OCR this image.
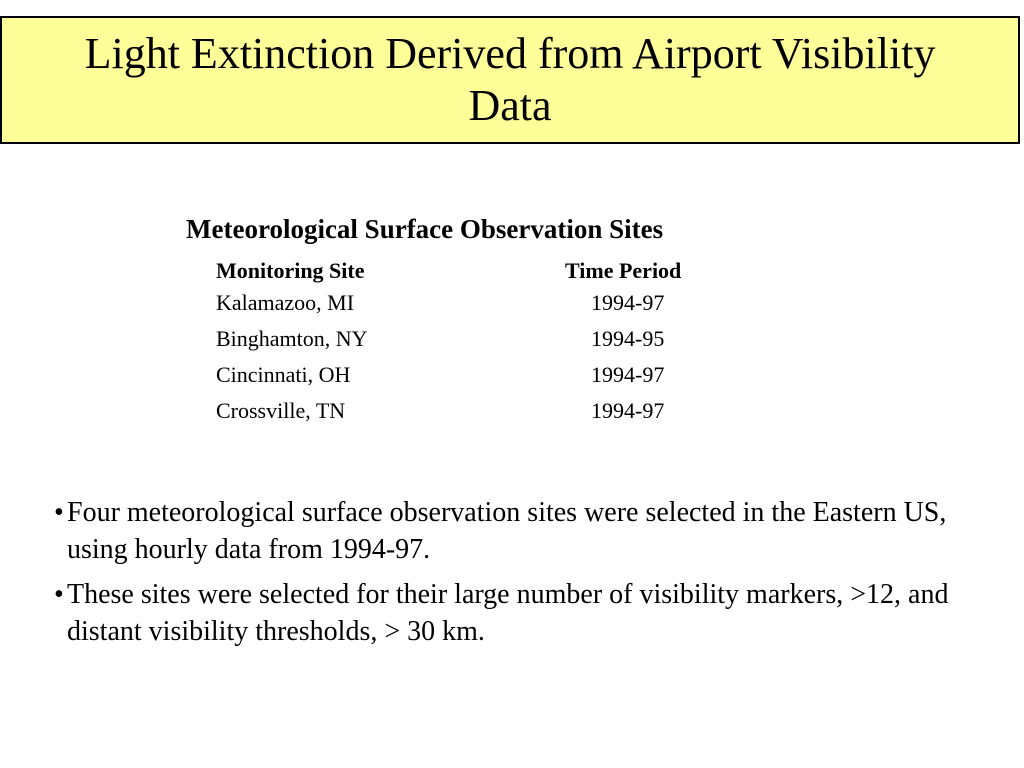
Light Extinction Derived from Airport Visibility Data
Meteorological Surface Observation Sites
Monitoring Site	Time Period
Kalamazoo, MI	1994-97
Binghamton, NY	1994-95
Cincinnati, OH	1994-97
Crossville, TN	1994-97
• Four meteorological surface observation sites were selected in the Eastern US, using hourly data from 1994-97.
• These sites were selected for their large number of visibility markers, >12, and distant visibility thresholds, > 30 km.
